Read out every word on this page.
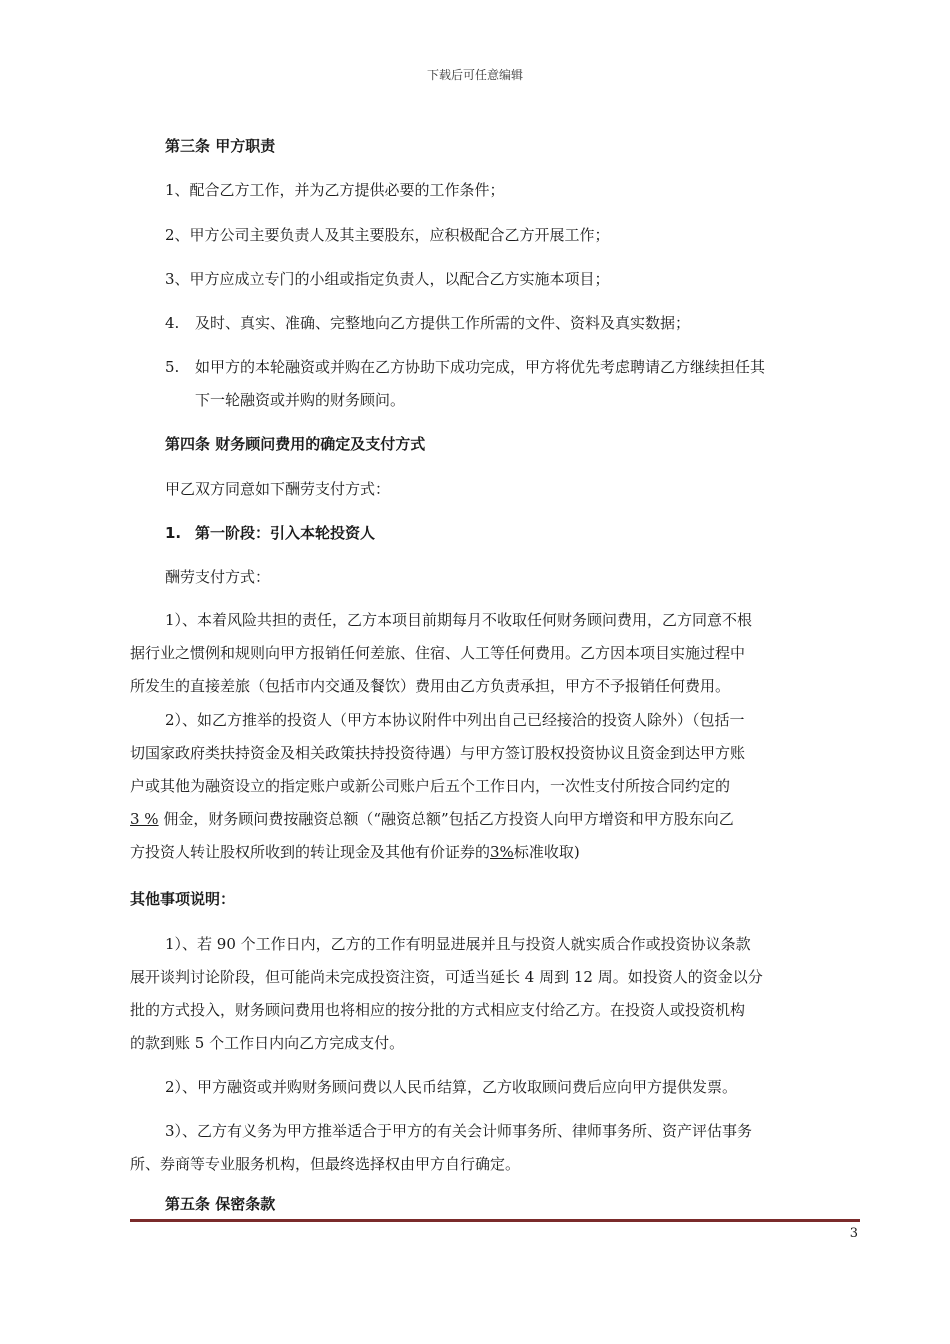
下载后可任意编辑
第三条 甲方职责
1、配合乙方工作，并为乙方提供必要的工作条件；
2、甲方公司主要负责人及其主要股东，应积极配合乙方开展工作；
3、甲方应成立专门的小组或指定负责人，以配合乙方实施本项目；
4. 及时、真实、准确、完整地向乙方提供工作所需的文件、资料及真实数据；
5. 如甲方的本轮融资或并购在乙方协助下成功完成，甲方将优先考虑聘请乙方继续担任其
下一轮融资或并购的财务顾问。
第四条 财务顾问费用的确定及支付方式
甲乙双方同意如下酬劳支付方式：
1. 第一阶段：引入本轮投资人
酬劳支付方式：
1）、本着风险共担的责任，乙方本项目前期每月不收取任何财务顾问费用，乙方同意不根
据行业之惯例和规则向甲方报销任何差旅、住宿、人工等任何费用。乙方因本项目实施过程中
所发生的直接差旅（包括市内交通及餐饮）费用由乙方负责承担，甲方不予报销任何费用。
2）、如乙方推举的投资人（甲方本协议附件中列出自己已经接洽的投资人除外）（包括一
切国家政府类扶持资金及相关政策扶持投资待遇）与甲方签订股权投资协议且资金到达甲方账
户或其他为融资设立的指定账户或新公司账户后五个工作日内，一次性支付所按合同约定的
3 % 佣金，财务顾问费按融资总额（“融资总额”包括乙方投资人向甲方增资和甲方股东向乙
方投资人转让股权所收到的转让现金及其他有价证券的3%标准收取)
其他事项说明：
1）、若 90 个工作日内，乙方的工作有明显进展并且与投资人就实质合作或投资协议条款
展开谈判讨论阶段，但可能尚未完成投资注资，可适当延长 4 周到 12 周。如投资人的资金以分
批的方式投入，财务顾问费用也将相应的按分批的方式相应支付给乙方。在投资人或投资机构
的款到账 5 个工作日内向乙方完成支付。
2）、甲方融资或并购财务顾问费以人民币结算，乙方收取顾问费后应向甲方提供发票。
3）、乙方有义务为甲方推举适合于甲方的有关会计师事务所、律师事务所、资产评估事务
所、券商等专业服务机构，但最终选择权由甲方自行确定。
第五条 保密条款
3
